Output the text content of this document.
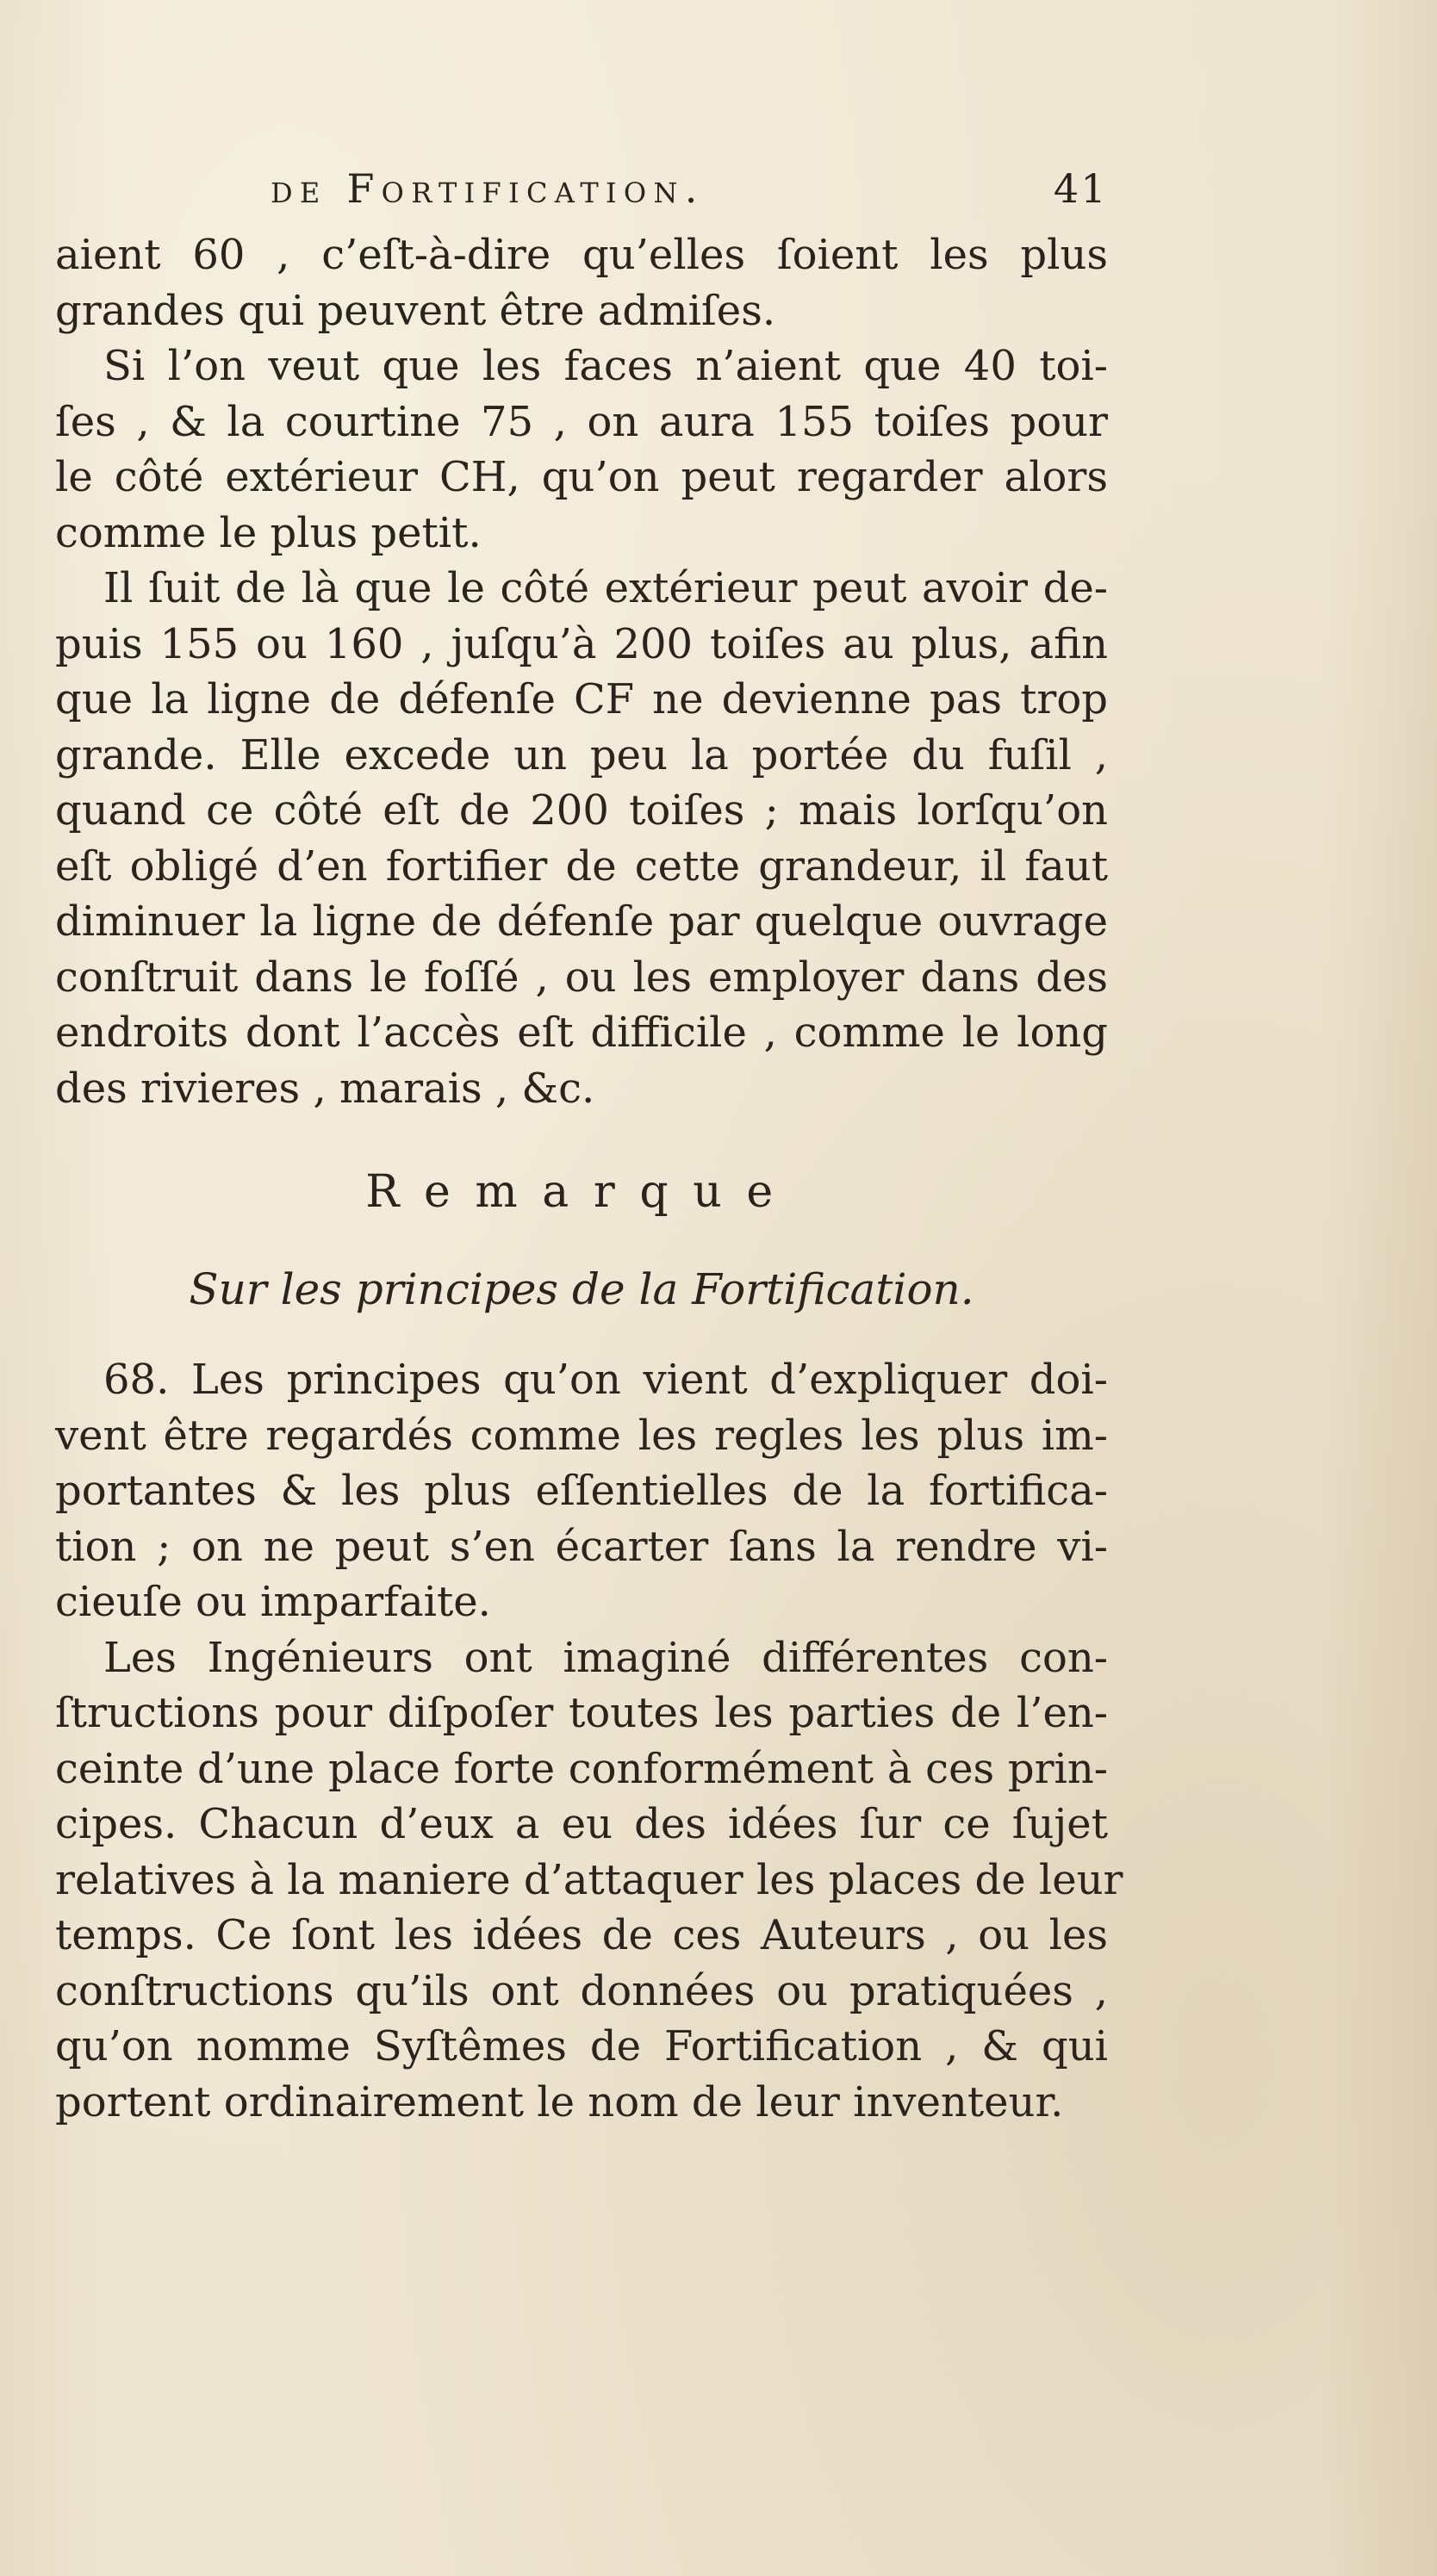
de Fortification.	41

aient 60 , c’eſt-à-dire qu’elles ſoient les plus
grandes qui peuvent être admiſes.

Si l’on veut que les faces n’aient que 40 toi-
ſes , & la courtine 75 , on aura 155 toiſes pour
le côté extérieur CH, qu’on peut regarder alors
comme le plus petit.

Il ſuit de là que le côté extérieur peut avoir de-
puis 155 ou 160 , juſqu’à 200 toiſes au plus, afin
que la ligne de défenſe CF ne devienne pas trop
grande. Elle excede un peu la portée du fuſil ,
quand ce côté eſt de 200 toiſes ; mais lorſqu’on
eſt obligé d’en fortifier de cette grandeur, il faut
diminuer la ligne de défenſe par quelque ouvrage
conſtruit dans le foſſé , ou les employer dans des
endroits dont l’accès eſt difficile , comme le long
des rivieres , marais , &c.

Remarque
Sur les principes de la Fortification.

68. Les principes qu’on vient d’expliquer doi-
vent être regardés comme les regles les plus im-
portantes & les plus eſſentielles de la fortifica-
tion ; on ne peut s’en écarter ſans la rendre vi-
cieuſe ou imparfaite.

Les Ingénieurs ont imaginé différentes con-
ſtructions pour diſpoſer toutes les parties de l’en-
ceinte d’une place forte conformément à ces prin-
cipes. Chacun d’eux a eu des idées ſur ce ſujet
relatives à la maniere d’attaquer les places de leur
temps. Ce ſont les idées de ces Auteurs , ou les
conſtructions qu’ils ont données ou pratiquées ,
qu’on nomme Syſtêmes de Fortification , & qui
portent ordinairement le nom de leur inventeur.
